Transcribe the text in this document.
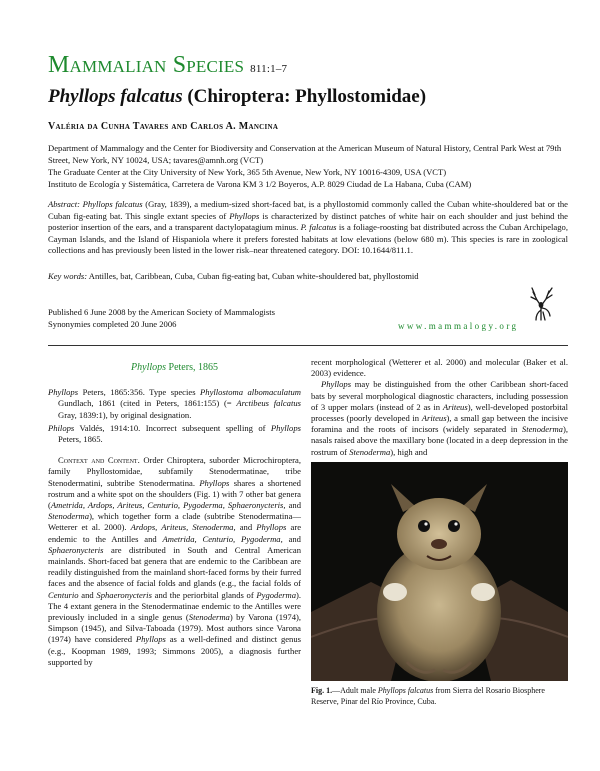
Mammalian Species 811:1–7
Phyllops falcatus (Chiroptera: Phyllostomidae)
Valéria da Cunha Tavares and Carlos A. Mancina
Department of Mammalogy and the Center for Biodiversity and Conservation at the American Museum of Natural History, Central Park West at 79th Street, New York, NY 10024, USA; tavares@amnh.org (VCT)
The Graduate Center at the City University of New York, 365 5th Avenue, New York, NY 10016-4309, USA (VCT)
Instituto de Ecología y Sistemática, Carretera de Varona KM 3 1/2 Boyeros, A.P. 8029 Ciudad de La Habana, Cuba (CAM)
Abstract: Phyllops falcatus (Gray, 1839), a medium-sized short-faced bat, is a phyllostomid commonly called the Cuban white-shouldered bat or the Cuban fig-eating bat. This single extant species of Phyllops is characterized by distinct patches of white hair on each shoulder and just behind the posterior insertion of the ears, and a transparent dactylopatagium minus. P. falcatus is a foliage-roosting bat distributed across the Cuban Archipelago, Cayman Islands, and the Island of Hispaniola where it prefers forested habitats at low elevations (below 680 m). This species is rare in zoological collections and has previously been listed in the lower risk–near threatened category. DOI: 10.1644/811.1.
Key words: Antilles, bat, Caribbean, Cuba, Cuban fig-eating bat, Cuban white-shouldered bat, phyllostomid
Published 6 June 2008 by the American Society of Mammalogists
Synonymies completed 20 June 2006	www.mammalogy.org
Phyllops Peters, 1865

Phyllops Peters, 1865:356. Type species Phyllostoma albomaculatum Gundlach, 1861 (cited in Peters, 1861:155) (= Arctibeus falcatus Gray, 1839:1), by original designation.

Philops Valdés, 1914:10. Incorrect subsequent spelling of Phyllops Peters, 1865.

Context and Content. Order Chiroptera, suborder Microchiroptera, family Phyllostomidae, subfamily Stenodermatinae, tribe Stenodermatini, subtribe Stenodermatina. Phyllops shares a shortened rostrum and a white spot on the shoulders (Fig. 1) with 7 other bat genera (Ametrida, Ardops, Ariteus, Centurio, Pygoderma, Sphaeronycteris, and Stenoderma), which together form a clade (subtribe Stenodermatina—Wetterer et al. 2000). Ardops, Ariteus, Stenoderma, and Phyllops are endemic to the Antilles and Ametrida, Centurio, Pygoderma, and Sphaeronycteris are distributed in South and Central American mainlands. Short-faced bat genera that are endemic to the Caribbean are readily distinguished from the mainland short-faced forms by their furred faces and the absence of facial folds and glands (e.g., the facial folds of Centurio and Sphaeronycteris and the periorbital glands of Pygoderma). The 4 extant genera in the Stenodermatinae endemic to the Antilles were previously included in a single genus (Stenoderma) by Varona (1974), Simpson (1945), and Silva-Taboada (1979). Most authors since Varona (1974) have considered Phyllops as a well-defined and distinct genus (e.g., Koopman 1989, 1993; Simmons 2005), a diagnosis further supported by

recent morphological (Wetterer et al. 2000) and molecular (Baker et al. 2003) evidence.

Phyllops may be distinguished from the other Caribbean short-faced bats by several morphological diagnostic characters, including possession of 3 upper molars (instead of 2 as in Ariteus), well-developed postorbital processes (poorly developed in Ariteus), a small gap between the incisive foramina and the roots of incisors (widely separated in Stenoderma), nasals raised above the maxillary bone (located in a deep depression in the rostrum of Stenoderma), high and

Fig. 1.—Adult male Phyllops falcatus from Sierra del Rosario Biosphere Reserve, Pinar del Río Province, Cuba.
